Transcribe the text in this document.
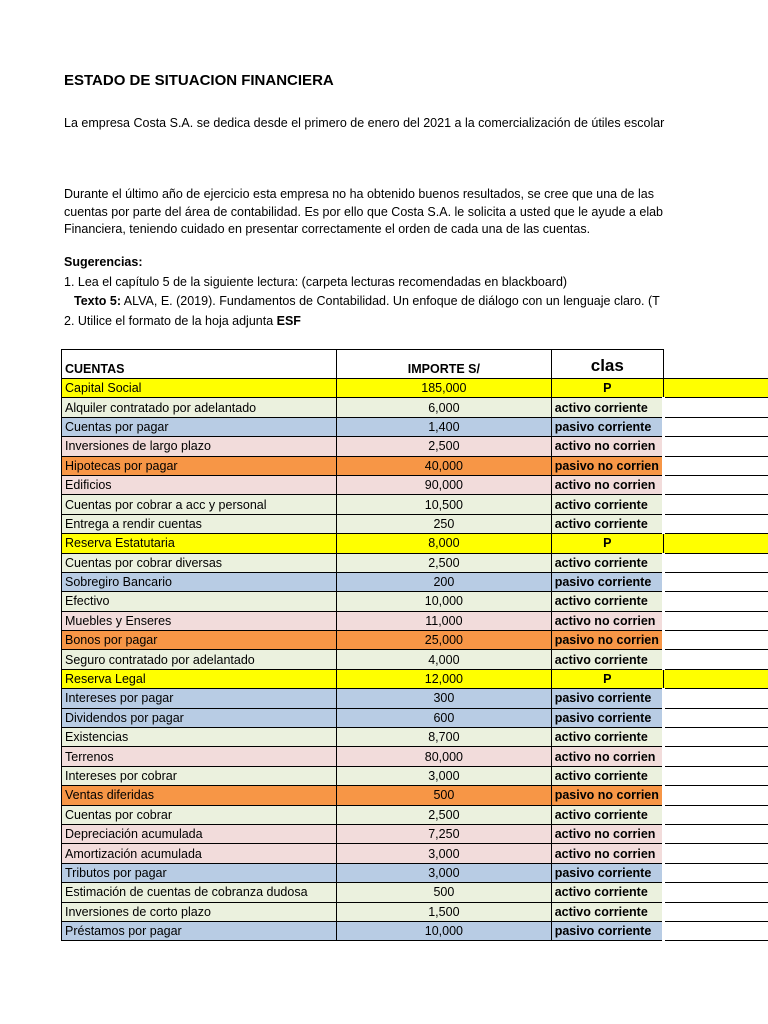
ESTADO DE SITUACION FINANCIERA
La empresa Costa S.A. se dedica desde el primero de enero del 2021 a la comercialización de útiles escolar
Durante el último año de ejercicio esta empresa no ha obtenido buenos resultados, se cree que una de las
cuentas por parte del área de contabilidad. Es por ello que Costa S.A. le solicita a usted que le ayude a elab
Financiera, teniendo cuidado en presentar correctamente el orden de cada una de las cuentas.
Sugerencias:
1. Lea el capítulo 5 de la siguiente lectura: (carpeta lecturas recomendadas en blackboard)
Texto 5: ALVA, E. (2019). Fundamentos de Contabilidad. Un enfoque de diálogo con un lenguaje claro. (T
2. Utilice el formato de la hoja adjunta ESF
CUENTAS	IMPORTE S/	clas	
Capital Social	185,000	P	
Alquiler contratado por adelantado	6,000	activo corriente	
Cuentas por pagar	1,400	pasivo corriente	
Inversiones de largo plazo	2,500	activo no corrien	
Hipotecas por pagar	40,000	pasivo no corrien	
Edificios	90,000	activo no corrien	
Cuentas por cobrar a acc y personal	10,500	activo corriente	
Entrega a rendir cuentas	250	activo corriente	
Reserva Estatutaria	8,000	P	
Cuentas por cobrar diversas	2,500	activo corriente	
Sobregiro Bancario	200	pasivo corriente	
Efectivo	10,000	activo corriente	
Muebles y Enseres	11,000	activo no corrien	
Bonos por pagar	25,000	pasivo no corrien	
Seguro contratado por adelantado	4,000	activo corriente	
Reserva Legal	12,000	P	
Intereses por pagar	300	pasivo corriente	
Dividendos por pagar	600	pasivo corriente	
Existencias	8,700	activo corriente	
Terrenos	80,000	activo no corrien	
Intereses por cobrar	3,000	activo corriente	
Ventas diferidas	500	pasivo no corrien	
Cuentas por cobrar	2,500	activo corriente	
Depreciación acumulada	7,250	activo no corrien	
Amortización acumulada	3,000	activo no corrien	
Tributos por pagar	3,000	pasivo corriente	
Estimación de cuentas de cobranza dudosa	500	activo corriente	
Inversiones de corto plazo	1,500	activo corriente	
Préstamos por pagar	10,000	pasivo corriente	
